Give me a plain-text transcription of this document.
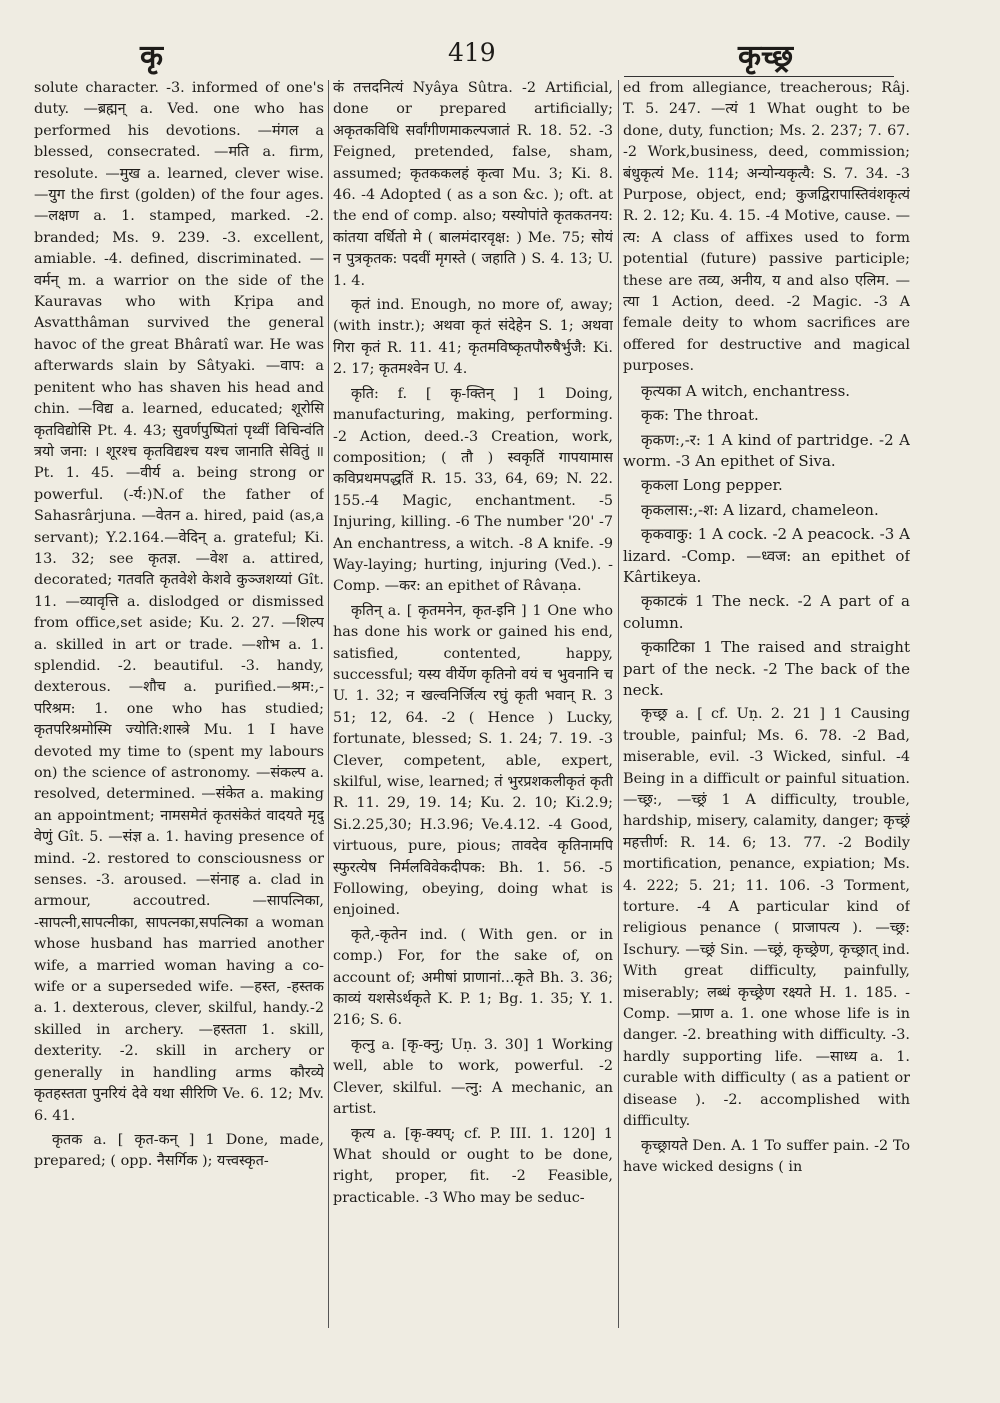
कृ	419	कृच्छ्र

solute character. -3. informed of one's duty. —ब्रह्मन् a. Ved. one who has performed his devotions. —मंगल a blessed, consecrated. —मति a. firm, resolute. —मुख a. learned, clever wise. —युग the first (golden) of the four ages. —लक्षण a. 1. stamped, marked. -2. branded; Ms. 9. 239. -3. excellent, amiable. -4. defined, discriminated. —वर्मन् m. a warrior on the side of the Kauravas who with Kṛipa and Asvatthâman survived the general havoc of the great Bhâratî war. He was afterwards slain by Sâtyaki. —वाप: a penitent who has shaven his head and chin. —विद्य a. learned, educated; शूरोसि कृतविद्योसि Pt. 4. 43; सुवर्णपुष्पितां पृथ्वीं विचिन्वंति त्रयो जना: । शूरश्च कृतविद्यश्च यश्च जानाति सेवितुं ॥ Pt. 1. 45. —वीर्य a. being strong or powerful. (-र्य:)N.of the father of Sahasrârjuna. —वेतन a. hired, paid (as,a servant); Y.2.164.—वेदिन् a. grateful; Ki. 13. 32; see कृतज्ञ. —वेश a. attired, decorated; गतवति कृतवेशे केशवे कुञ्जशय्यां Gît. 11. —व्यावृत्ति a. dislodged or dismissed from office,set aside; Ku. 2. 27. —शिल्प a. skilled in art or trade. —शोभ a. 1. splendid. -2. beautiful. -3. handy, dexterous. —शौच a. purified.—श्रम:,-परिश्रम: 1. one who has studied; कृतपरिश्रमोस्मि ज्योति:शास्त्रे Mu. 1 I have devoted my time to (spent my labours on) the science of astronomy. —संकल्प a. resolved, determined. —संकेत a. making an appointment; नामसमेतं कृतसंकेतं वादयते मृदु वेणुं Gît. 5. —संज्ञ a. 1. having presence of mind. -2. restored to consciousness or senses. -3. aroused. —संनाह a. clad in armour, accoutred. —सापत्निका, -सापत्नी,सापत्नीका, सापत्नका,सपत्निका a woman whose husband has married another wife, a married woman having a co-wife or a superseded wife. —हस्त, -हस्तक a. 1. dexterous, clever, skilful, handy.-2 skilled in archery. —हस्तता 1. skill, dexterity. -2. skill in archery or generally in handling arms कौरव्ये कृतहस्तता पुनरियं देवे यथा सीरिणि Ve. 6. 12; Mv. 6. 41.

कृतक a. [ कृत-कन् ] 1 Done, made, prepared; ( opp. नैसर्गिक ); यत्त्वस्कृत-

कं तत्तदनित्यं Nyâya Sûtra. -2 Artificial, done or prepared artificially; अकृतकविधि सर्वांगीणमाकल्पजातं R. 18. 52. -3 Feigned, pretended, false, sham, assumed; कृतककलहं कृत्वा Mu. 3; Ki. 8. 46. -4 Adopted ( as a son &c. ); oft. at the end of comp. also; यस्योपांते कृतकतनय: कांतया वर्धितो मे ( बालमंदारवृक्ष: ) Me. 75; सोयं न पुत्रकृतक: पदवीं मृगस्ते ( जहाति ) S. 4. 13; U. 1. 4.

कृतं ind. Enough, no more of, away; (with instr.); अथवा कृतं संदेहेन S. 1; अथवा गिरा कृतं R. 11. 41; कृतमविष्कृतपौरुषैर्भुजै: Ki. 2. 17; कृतमश्वेन U. 4.

कृति: f. [ कृ-क्तिन् ] 1 Doing, manufacturing, making, performing. -2 Action, deed.-3 Creation, work, composition; ( तौ ) स्वकृतिं गापयामास कविप्रथमपद्धतिं R. 15. 33, 64, 69; N. 22. 155.-4 Magic, enchantment. -5 Injuring, killing. -6 The number '20' -7 An enchantress, a witch. -8 A knife. -9 Way-laying; hurting, injuring (Ved.). -Comp. —कर: an epithet of Râvaṇa.

कृतिन् a. [ कृतमनेन, कृत-इनि ] 1 One who has done his work or gained his end, satisfied, contented, happy, successful; यस्य वीर्येण कृतिनो वयं च भुवनानि च U. 1. 32; न खल्वनिर्जित्य रघुं कृती भवान् R. 3 51; 12, 64. -2 ( Hence ) Lucky, fortunate, blessed; S. 1. 24; 7. 19. -3 Clever, competent, able, expert, skilful, wise, learned; तं भुरप्रशकलीकृतं कृती R. 11. 29, 19. 14; Ku. 2. 10; Ki.2.9; Si.2.25,30; H.3.96; Ve.4.12. -4 Good, virtuous, pure, pious; तावदेव कृतिनामपि स्फुरत्येष निर्मलविवेकदीपक: Bh. 1. 56. -5 Following, obeying, doing what is enjoined.

कृते,-कृतेन ind. ( With gen. or in comp.) For, for the sake of, on account of; अमीषां प्राणानां...कृते Bh. 3. 36; काव्यं यशसेऽर्थकृते K. P. 1; Bg. 1. 35; Y. 1. 216; S. 6.

कृत्नु a. [कृ-क्नु; Uṇ. 3. 30] 1 Working well, able to work, powerful. -2 Clever, skilful. —त्नु: A mechanic, an artist.

कृत्य a. [कृ-क्यप्; cf. P. III. 1. 120] 1 What should or ought to be done, right, proper, fit. -2 Feasible, practicable. -3 Who may be seduc-

ed from allegiance, treacherous; Râj. T. 5. 247. —त्यं 1 What ought to be done, duty, function; Ms. 2. 237; 7. 67. -2 Work,business, deed, commission; बंधुकृत्यं Me. 114; अन्योन्यकृत्यै: S. 7. 34. -3 Purpose, object, end; कुजद्विरापास्तिवंशकृत्यं R. 2. 12; Ku. 4. 15. -4 Motive, cause. —त्य: A class of affixes used to form potential (future) passive participle; these are तव्य, अनीय, य and also एलिम. —त्या 1 Action, deed. -2 Magic. -3 A female deity to whom sacrifices are offered for destructive and magical purposes.

कृत्यका A witch, enchantress.

कृक: The throat.

कृकण:,-र: 1 A kind of partridge. -2 A worm. -3 An epithet of Siva.

कृकला Long pepper.

कृकलास:,-श: A lizard, chameleon.

कृकवाकु: 1 A cock. -2 A peacock. -3 A lizard. -Comp. —ध्वज: an epithet of Kârtikeya.

कृकाटकं 1 The neck. -2 A part of a column.

कृकाटिका 1 The raised and straight part of the neck. -2 The back of the neck.

कृच्छ्र a. [ cf. Uṇ. 2. 21 ] 1 Causing trouble, painful; Ms. 6. 78. -2 Bad, miserable, evil. -3 Wicked, sinful. -4 Being in a difficult or painful situation. —च्छ्र:, —च्छ्रं 1 A difficulty, trouble, hardship, misery, calamity, danger; कृच्छ्रं महत्तीर्ण: R. 14. 6; 13. 77. -2 Bodily mortification, penance, expiation; Ms. 4. 222; 5. 21; 11. 106. -3 Torment, torture. -4 A particular kind of religious penance ( प्राजापत्य ). —च्छ्र: Ischury. —च्छ्रं Sin. —च्छ्रं, कृच्छ्रेण, कृच्छ्रात् ind. With great difficulty, painfully, miserably; लब्धं कृच्छ्रेण रक्ष्यते H. 1. 185. -Comp. —प्राण a. 1. one whose life is in danger. -2. breathing with difficulty. -3. hardly supporting life. —साध्य a. 1. curable with difficulty ( as a patient or disease ). -2. accomplished with difficulty.

कृच्छ्रायते Den. A. 1 To suffer pain. -2 To have wicked designs ( in
